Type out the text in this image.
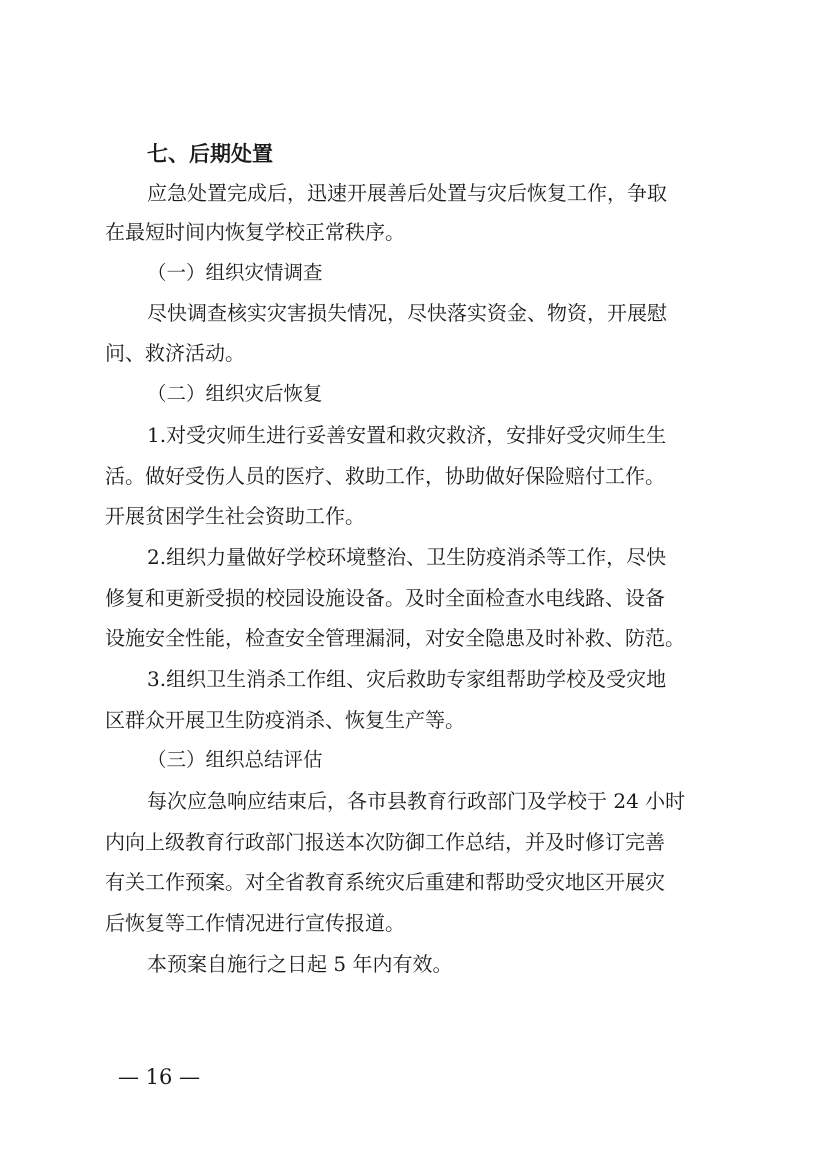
七、后期处置
应急处置完成后，迅速开展善后处置与灾后恢复工作，争取
在最短时间内恢复学校正常秩序。
（一）组织灾情调查
尽快调查核实灾害损失情况，尽快落实资金、物资，开展慰
问、救济活动。
（二）组织灾后恢复
1.对受灾师生进行妥善安置和救灾救济，安排好受灾师生生
活。做好受伤人员的医疗、救助工作，协助做好保险赔付工作。
开展贫困学生社会资助工作。
2.组织力量做好学校环境整治、卫生防疫消杀等工作，尽快
修复和更新受损的校园设施设备。及时全面检查水电线路、设备
设施安全性能，检查安全管理漏洞，对安全隐患及时补救、防范。
3.组织卫生消杀工作组、灾后救助专家组帮助学校及受灾地
区群众开展卫生防疫消杀、恢复生产等。
（三）组织总结评估
每次应急响应结束后，各市县教育行政部门及学校于 24 小时
内向上级教育行政部门报送本次防御工作总结，并及时修订完善
有关工作预案。对全省教育系统灾后重建和帮助受灾地区开展灾
后恢复等工作情况进行宣传报道。
本预案自施行之日起 5 年内有效。
— 16 —
